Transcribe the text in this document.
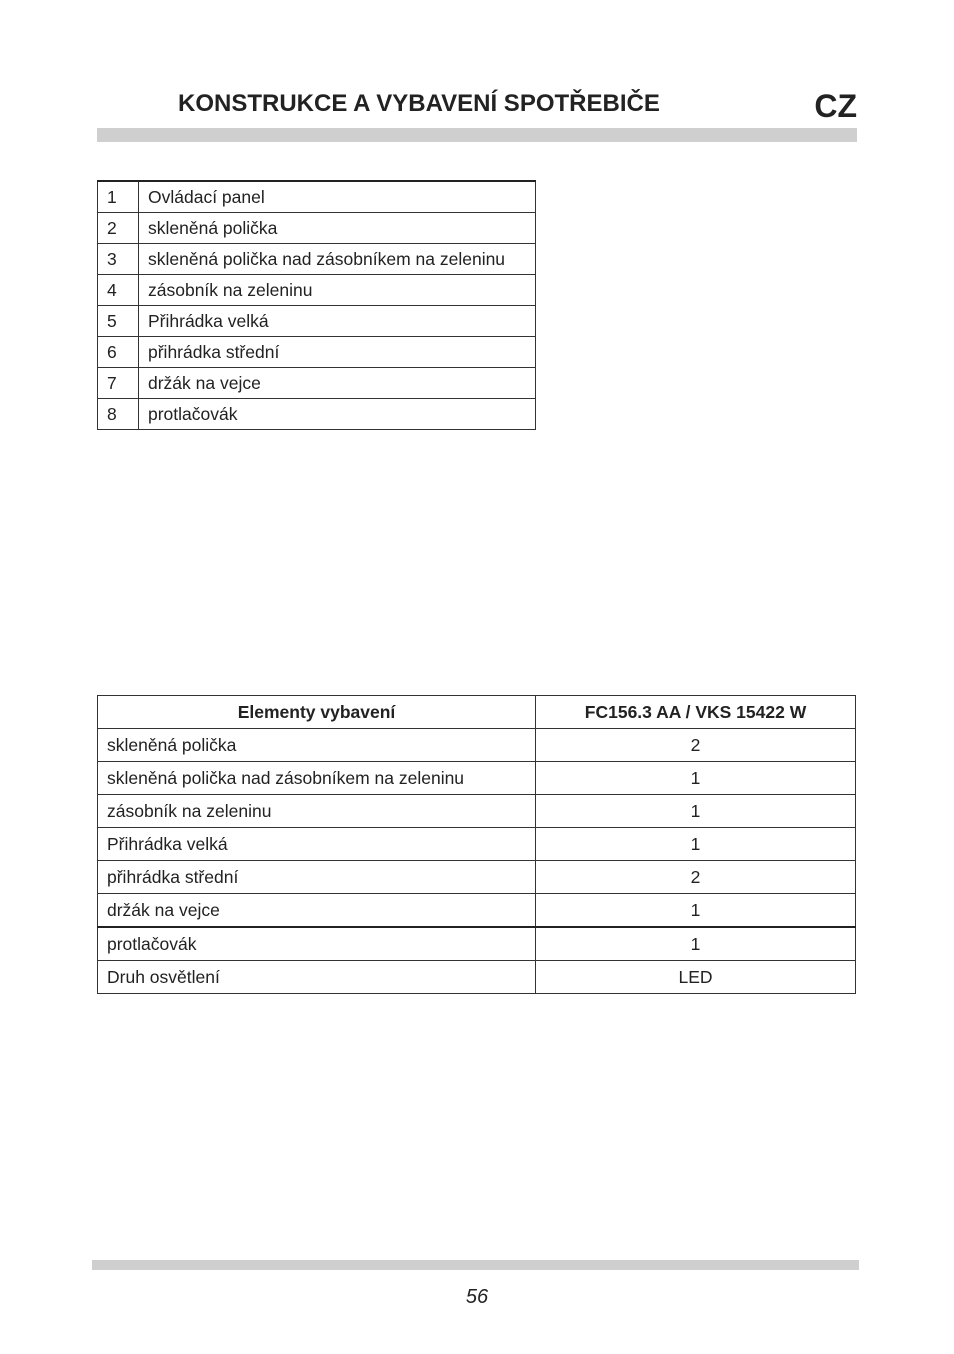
KONSTRUKCE A VYBAVENÍ SPOTŘEBIČE	CZ
1	Ovládací panel
2	skleněná polička
3	skleněná polička nad zásobníkem na zeleninu
4	zásobník na zeleninu
5	Přihrádka velká
6	přihrádka střední
7	držák na vejce
8	protlačovák
Elementy vybavení	FC156.3 AA / VKS 15422 W
skleněná polička	2
skleněná polička nad zásobníkem na zeleninu	1
zásobník na zeleninu	1
Přihrádka velká	1
přihrádka střední	2
držák na vejce	1
protlačovák	1
Druh osvětlení	LED
56
